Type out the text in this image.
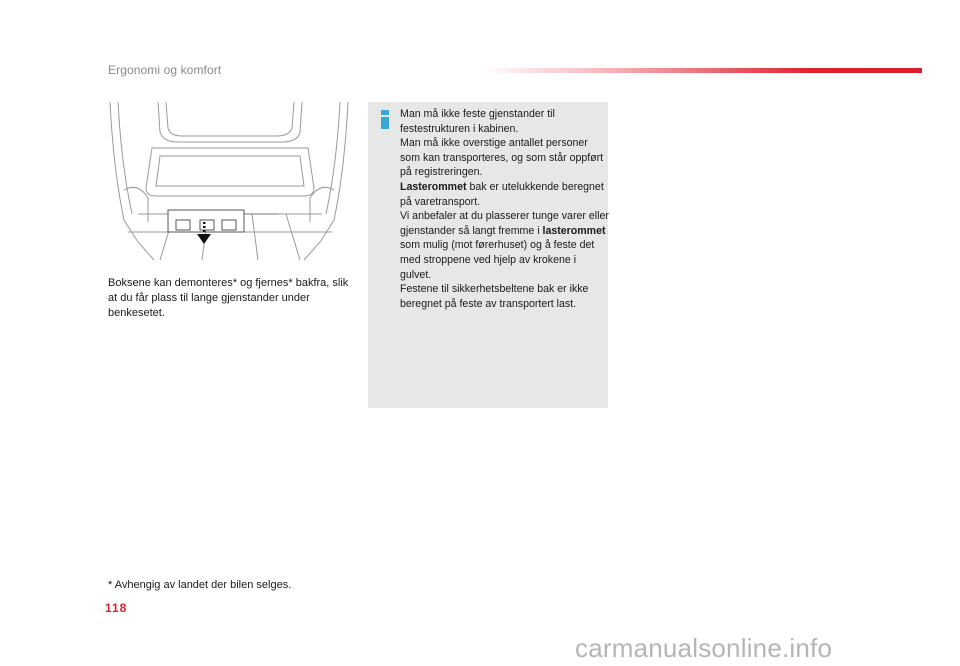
Ergonomi og komfort
Boksene kan demonteres* og fjernes* bakfra, slik at du får plass til lange gjenstander under benkesetet.

Man må ikke feste gjenstander til festestrukturen i kabinen.

Man må ikke overstige antallet personer som kan transporteres, og som står oppført på registreringen.

Lasterommet bak er utelukkende beregnet på varetransport.

Vi anbefaler at du plasserer tunge varer eller gjenstander så langt fremme i lasterommet som mulig (mot førerhuset) og å feste det med stroppene ved hjelp av krokene i gulvet.

Festene til sikkerhetsbeltene bak er ikke beregnet på feste av transportert last.

* Avhengig av landet der bilen selges.
118
carmanualsonline.info
